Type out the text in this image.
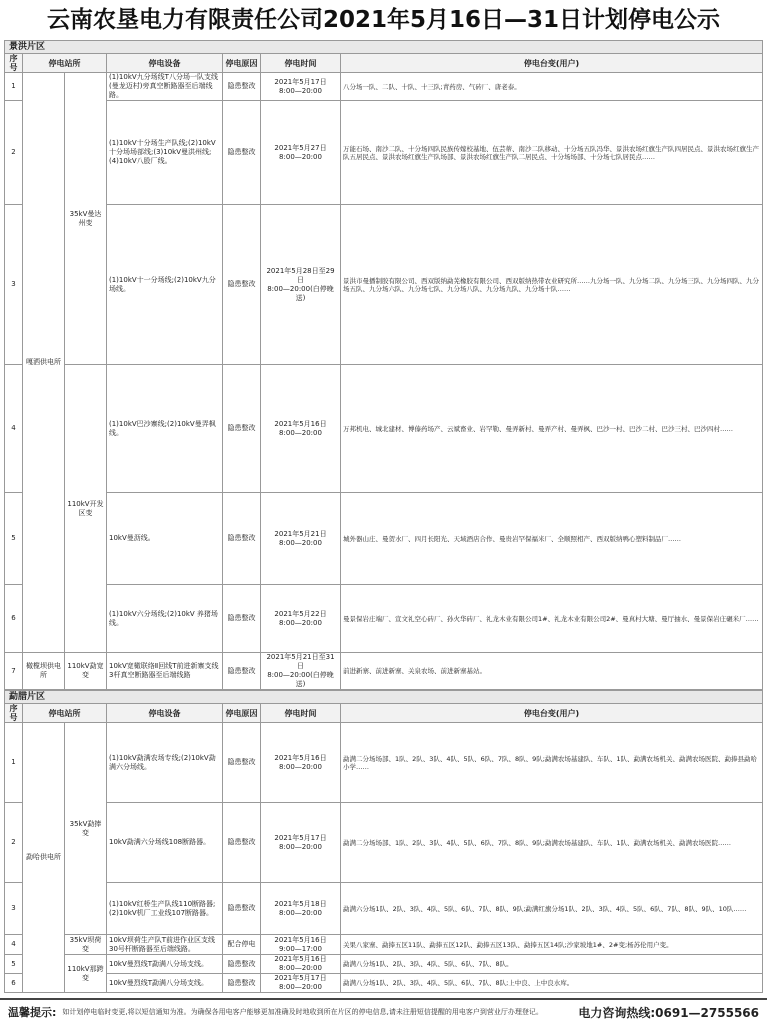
云南农垦电力有限责任公司2021年5月16日—31日计划停电公示
景洪片区
序号	停电站所		停电设备	停电原因	停电时间	停电台变(用户)
1	嘎洒供电所	35kV曼达州变	(1)10kV九分场线T八分场一队支线(曼龙迈村)旁真空断路器至后端线路。	隐患整改	2021年5月17日
8:00—20:00	八分场一队、二队、十队、十三队;青药房、气砖厂、唐老泰。
2			(1)10kV十分场生产队线;(2)10kV十分场场部线;(3)10kV曼洪州线;(4)10kV八股厂线。	隐患整改	2021年5月27日
8:00—20:00	万能石场、南沙二队、十分场四队民族传嫁校基地、伍芸蒂、南沙二队移动、十分场五队冯华、景洪农场红旗生产队四居民点、景洪农场红旗生产队五居民点、景洪农场红旗生产队场部、景洪农场红旗生产队二居民点、十分场场部、十分场七队居民点……
3			(1)10kV十一分场线;(2)10kV九分场线。	隐患整改	2021年5月28日至29日
8:00—20:00(白停晚送)	景洪市曼播制胶有限公司、西双版纳勐芜橡胶有限公司、西双版纳热带农业研究所……九分场一队、九分场二队、九分场三队、九分场四队、九分场五队、九分场六队、九分场七队、九分场八队、九分场九队、九分场十队……
4		110kV开发区变	(1)10kV巴沙寨线;(2)10kV曼弄枫线。	隐患整改	2021年5月16日
8:00—20:00	万邦机电、城北建材、博傣药场产、云斌畜业、岩罕勒、曼弄新村、曼弄产村、曼弄枫、巴沙一村、巴沙二村、巴沙三村、巴沙四村……
5			10kV曼沥线。	隐患整改	2021年5月21日
8:00—20:00	城外器山庄、曼贺水厂、四月长阳光、天域酒店合作、曼贵岩罕保福米厂、全顺照相产、西双版纳鸭心塑料制品厂……
6			(1)10kV六分场线;(2)10kV 养猪场线。	隐患整改	2021年5月22日
8:00—20:00	曼景保岩庄端厂、宣文礼空心砖厂、孙火华砖厂、礼龙木业有限公司1#、礼龙木业有限公司2#、曼真村大塘、曼厅抽水、曼景保岩庄碾米厂……
7	橄榄坝供电所	110kV勐宽变	10kV宽橄联络Ⅱ回线T前进新寨支线3杆真空断路器至后端线路	隐患整改	2021年5月21日至31日
8:00—20:00(白停晚送)	前进新寨、前进新寨、关泉农场、前进新寨基站。
勐腊片区
序号	停电站所		停电设备	停电原因	停电时间	停电台变(用户)
1	勐哈供电所	35kV勐捧变	(1)10kV勐满农场专线;(2)10kV勐满六分场线。	隐患整改	2021年5月16日
8:00—20:00	勐满二分场场部、1队、2队、3队、4队、5队、6队、7队、8队、9队;勐满农场基建队、车队、1队、勐满农场机关、勐满农场医院、勐捧县勐哈小学……
2			10kV勐满六分场线108断路器。	隐患整改	2021年5月17日
8:00—20:00	勐满二分场场部、1队、2队、3队、4队、5队、6队、7队、8队、9队;勐满农场基建队、车队、1队、勐满农场机关、勐满农场医院……
3			(1)10kV红桥生产队线110断路器;(2)10kV机厂工业线107断路器。	隐患整改	2021年5月18日
8:00—20:00	勐满六分场1队、2队、3队、4队、5队、6队、7队、8队、9队;勐满红旗分场1队、2队、3队、4队、5队、6队、7队、8队、9队、10队……
4		35kV坝荷变	10kV坝荷生产队T前进作业区支线30号杆断路器至后端线路。	配合停电	2021年5月16日
9:00—17:00	关果八家寨、勐捧五区11队、勐捧五区12队、勐捧五区13队、勐捧五区14队;沙家坡地1#、2#变;杨苏伦用户变。
5		110kV那跨变	10kV曼烈线T勐满八分场支线。	隐患整改	2021年5月16日
8:00—20:00	勐满八分场1队、2队、3队、4队、5队、6队、7队、8队。
6			10kV曼烈线T勐满八分场支线。	隐患整改	2021年5月17日
8:00—20:00	勐满八分场1队、2队、3队、4队、5队、6队、7队、8队;上中良、上中良水库。
温馨提示: 如计划停电临时变更,将以短信通知为准。为确保各用电客户能够更加准确及时地收到所在片区的停电信息,请未注册短信提醒的用电客户到营业厅办理登记。	电力咨询热线:0691—2755566
